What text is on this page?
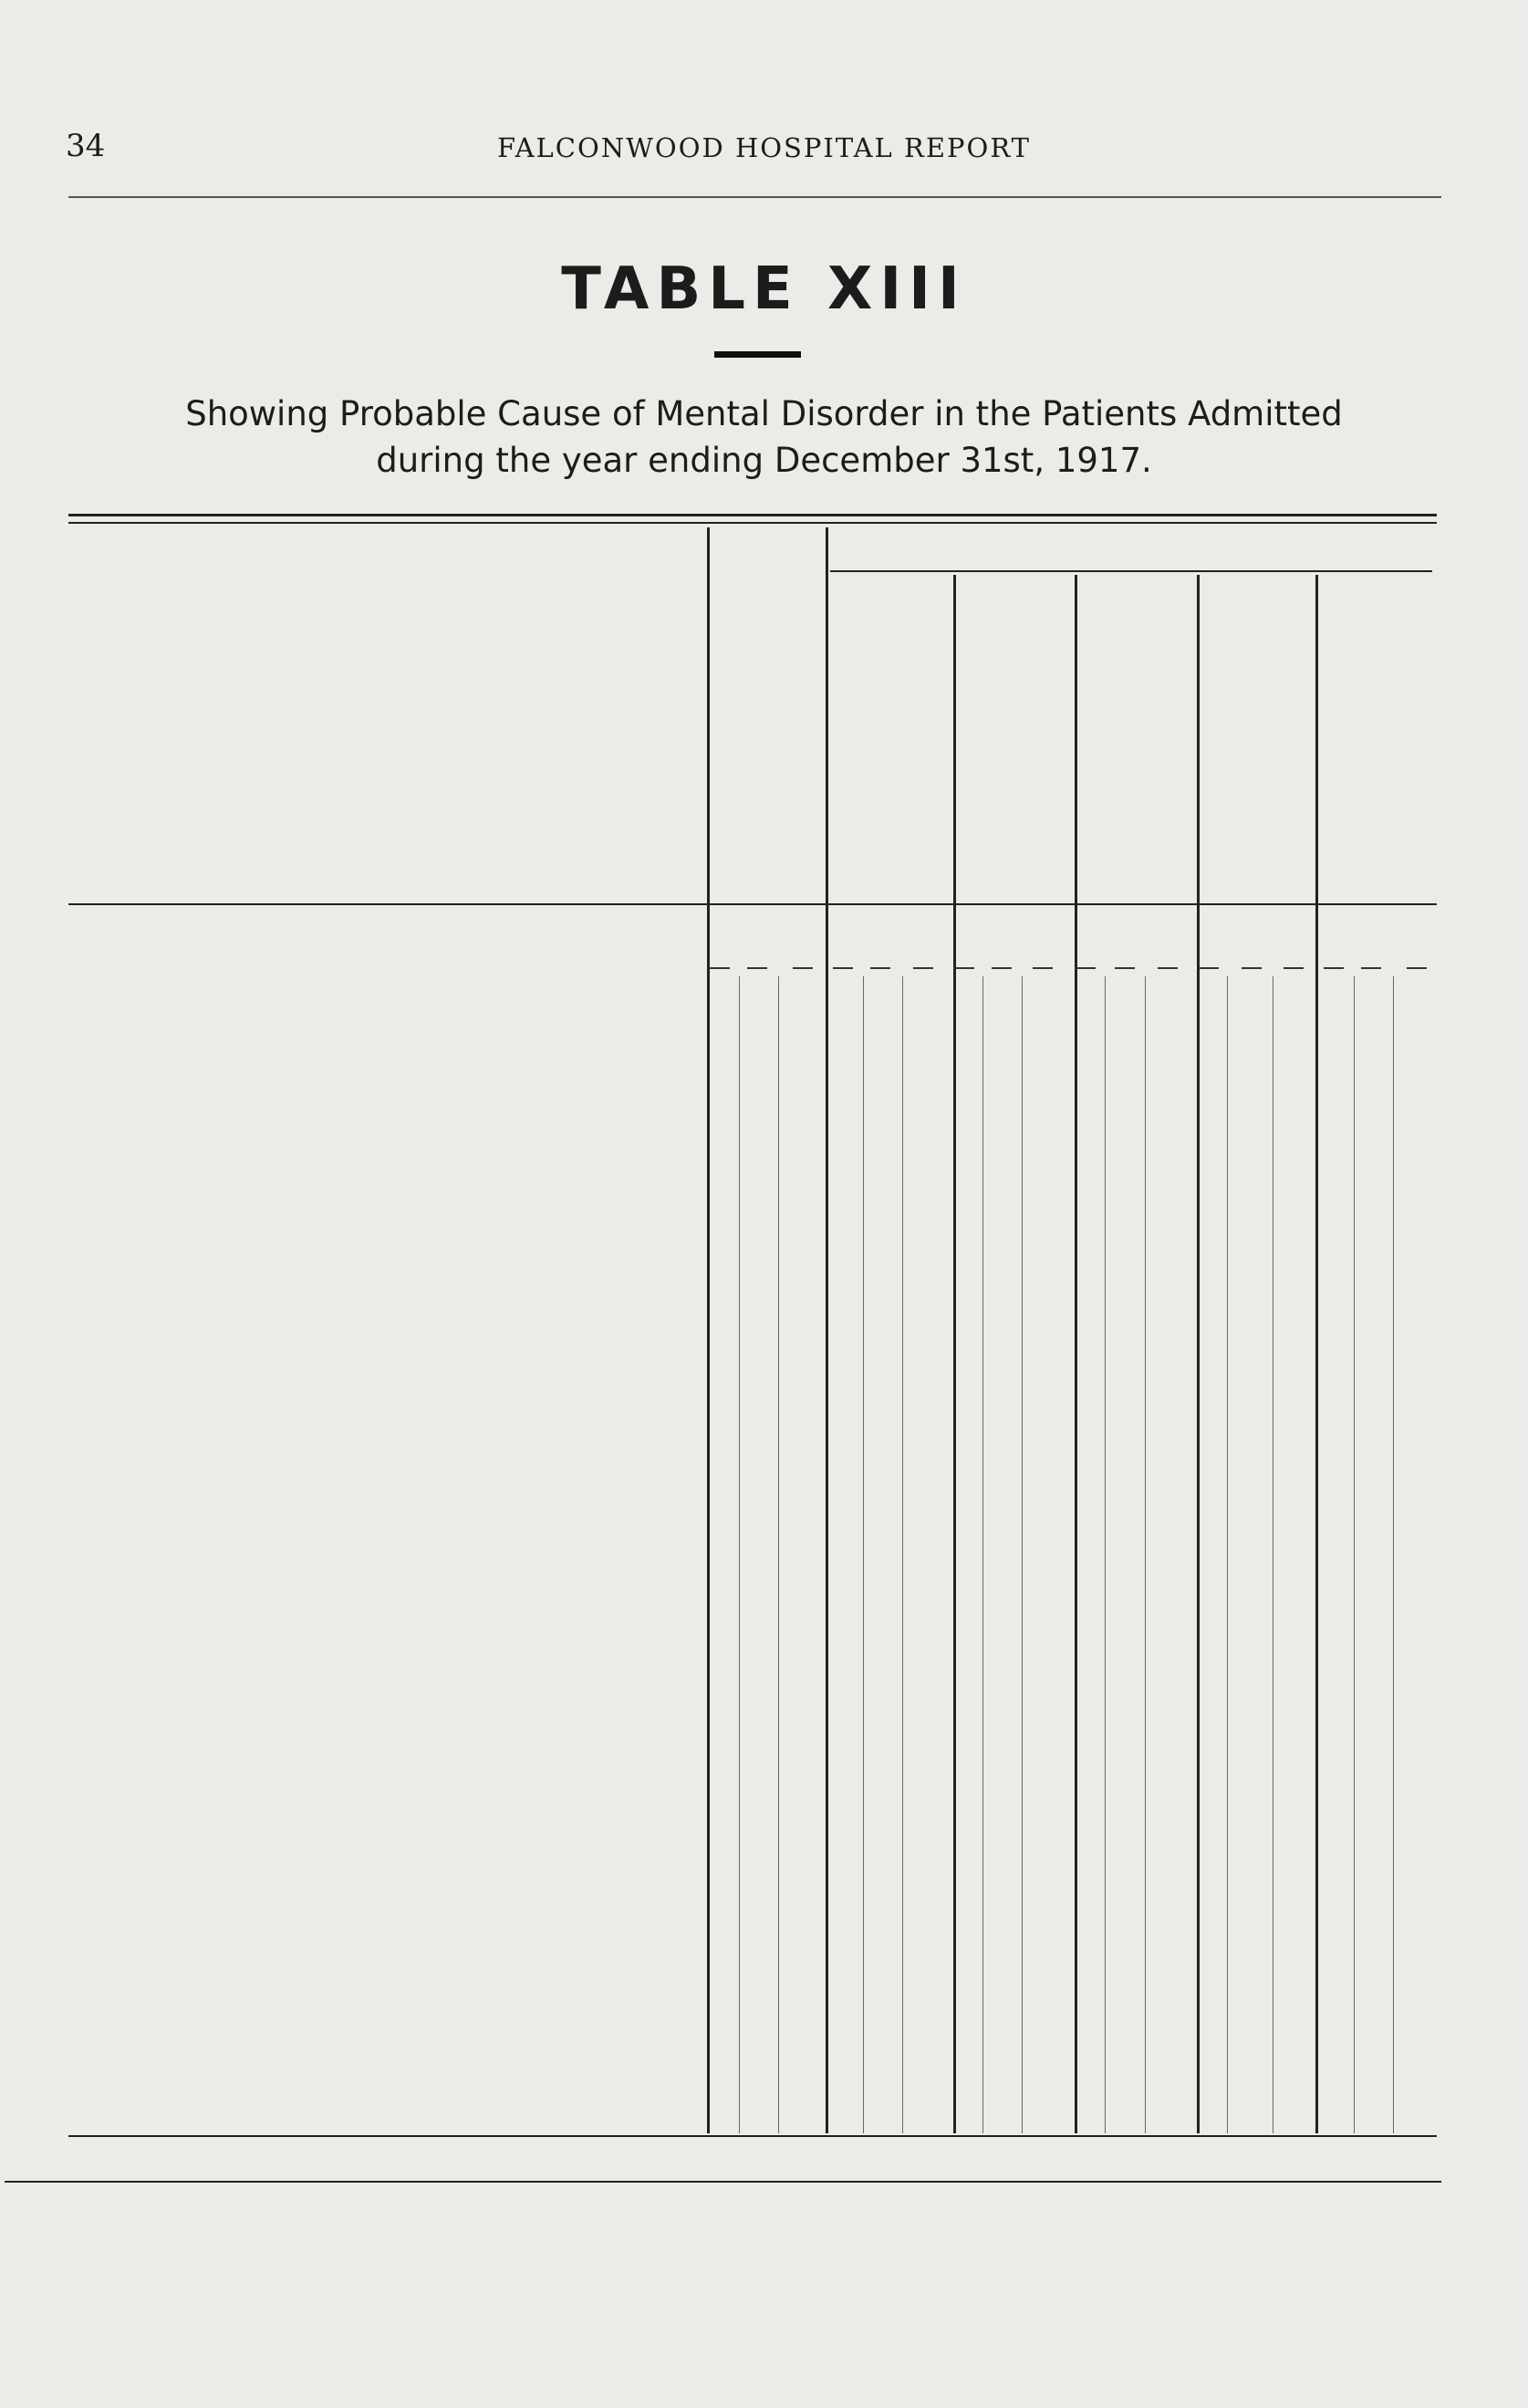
34	FALCONWOOD HOSPITAL REPORT
TABLE XIII
Showing Probable Cause of Mental Disorder in the Patients Admitted
during the year ending December 31st, 1917.
